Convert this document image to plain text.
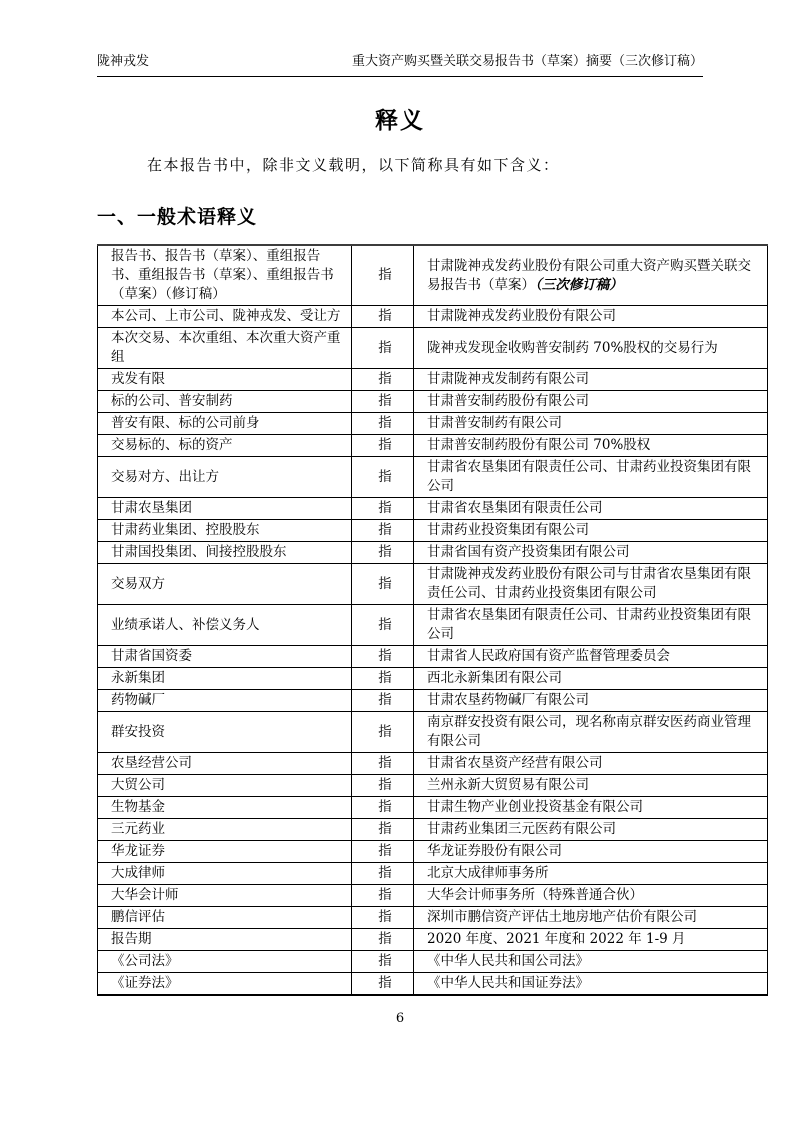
陇神戎发	重大资产购买暨关联交易报告书（草案）摘要（三次修订稿）
释义

在本报告书中，除非文义载明，以下简称具有如下含义：

一、一般术语释义
报告书、报告书（草案）、重组报告书、重组报告书（草案）、重组报告书（草案）（修订稿）	指	甘肃陇神戎发药业股份有限公司重大资产购买暨关联交易报告书（草案）（三次修订稿）
本公司、上市公司、陇神戎发、受让方	指	甘肃陇神戎发药业股份有限公司
本次交易、本次重组、本次重大资产重组	指	陇神戎发现金收购普安制药 70%股权的交易行为
戎发有限	指	甘肃陇神戎发制药有限公司
标的公司、普安制药	指	甘肃普安制药股份有限公司
普安有限、标的公司前身	指	甘肃普安制药有限公司
交易标的、标的资产	指	甘肃普安制药股份有限公司 70%股权
交易对方、出让方	指	甘肃省农垦集团有限责任公司、甘肃药业投资集团有限公司
甘肃农垦集团	指	甘肃省农垦集团有限责任公司
甘肃药业集团、控股股东	指	甘肃药业投资集团有限公司
甘肃国投集团、间接控股股东	指	甘肃省国有资产投资集团有限公司
交易双方	指	甘肃陇神戎发药业股份有限公司与甘肃省农垦集团有限责任公司、甘肃药业投资集团有限公司
业绩承诺人、补偿义务人	指	甘肃省农垦集团有限责任公司、甘肃药业投资集团有限公司
甘肃省国资委	指	甘肃省人民政府国有资产监督管理委员会
永新集团	指	西北永新集团有限公司
药物碱厂	指	甘肃农垦药物碱厂有限公司
群安投资	指	南京群安投资有限公司，现名称南京群安医药商业管理有限公司
农垦经营公司	指	甘肃省农垦资产经营有限公司
大贸公司	指	兰州永新大贸贸易有限公司
生物基金	指	甘肃生物产业创业投资基金有限公司
三元药业	指	甘肃药业集团三元医药有限公司
华龙证券	指	华龙证券股份有限公司
大成律师	指	北京大成律师事务所
大华会计师	指	大华会计师事务所（特殊普通合伙）
鹏信评估	指	深圳市鹏信资产评估土地房地产估价有限公司
报告期	指	2020 年度、2021 年度和 2022 年 1-9 月
《公司法》	指	《中华人民共和国公司法》
《证券法》	指	《中华人民共和国证券法》
6
